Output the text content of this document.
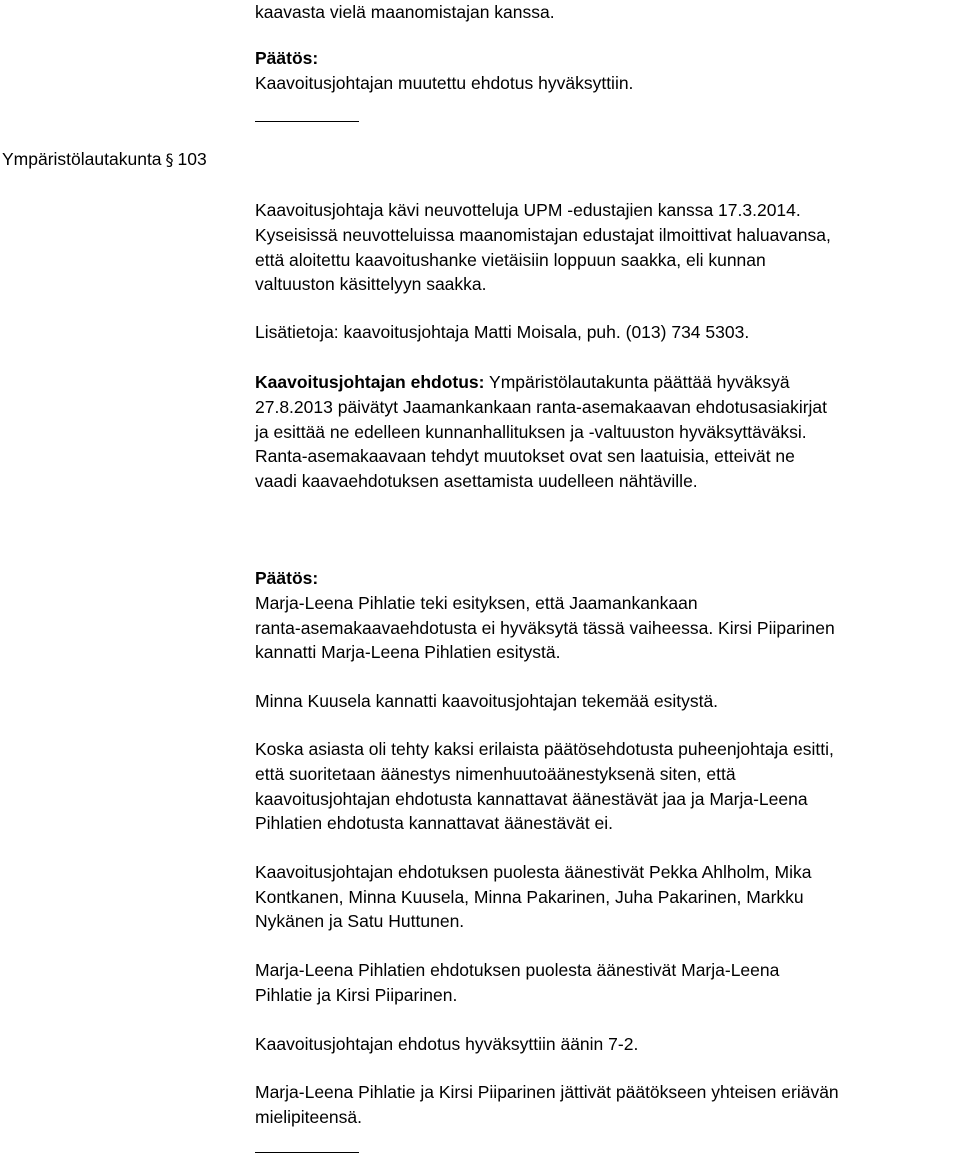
kaavasta vielä maanomistajan kanssa.
Päätös:
Kaavoitusjohtajan muutettu ehdotus hyväksyttiin.
Ympäristölautakunta § 103
Kaavoitusjohtaja kävi neuvotteluja UPM -edustajien kanssa 17.3.2014.
Kyseisissä neuvotteluissa maanomistajan edustajat ilmoittivat haluavansa,
että aloitettu kaavoitushanke vietäisiin loppuun saakka, eli kunnan
valtuuston käsittelyyn saakka.
Lisätietoja: kaavoitusjohtaja Matti Moisala, puh. (013) 734 5303.
Kaavoitusjohtajan ehdotus: Ympäristölautakunta päättää hyväksyä
27.8.2013 päivätyt Jaamankankaan ranta-asemakaavan ehdotusasiakirjat
ja esittää ne edelleen kunnanhallituksen ja -valtuuston hyväksyttäväksi.
Ranta-asemakaavaan tehdyt muutokset ovat sen laatuisia, etteivät ne
vaadi kaavaehdotuksen asettamista uudelleen nähtäville.
Päätös:
Marja-Leena Pihlatie teki esityksen, että Jaamankankaan
ranta-asemakaavaehdotusta ei hyväksytä tässä vaiheessa. Kirsi Piiparinen
kannatti Marja-Leena Pihlatien esitystä.
Minna Kuusela kannatti kaavoitusjohtajan tekemää esitystä.
Koska asiasta oli tehty kaksi erilaista päätösehdotusta puheenjohtaja esitti,
että suoritetaan äänestys nimenhuutoäänestyksenä siten, että
kaavoitusjohtajan ehdotusta kannattavat äänestävät jaa ja Marja-Leena
Pihlatien ehdotusta kannattavat äänestävät ei.
Kaavoitusjohtajan ehdotuksen puolesta äänestivät Pekka Ahlholm, Mika
Kontkanen, Minna Kuusela, Minna Pakarinen, Juha Pakarinen, Markku
Nykänen ja Satu Huttunen.
Marja-Leena Pihlatien ehdotuksen puolesta äänestivät Marja-Leena
Pihlatie ja Kirsi Piiparinen.
Kaavoitusjohtajan ehdotus hyväksyttiin äänin 7-2.
Marja-Leena Pihlatie ja Kirsi Piiparinen jättivät päätökseen yhteisen eriävän
mielipiteensä.
